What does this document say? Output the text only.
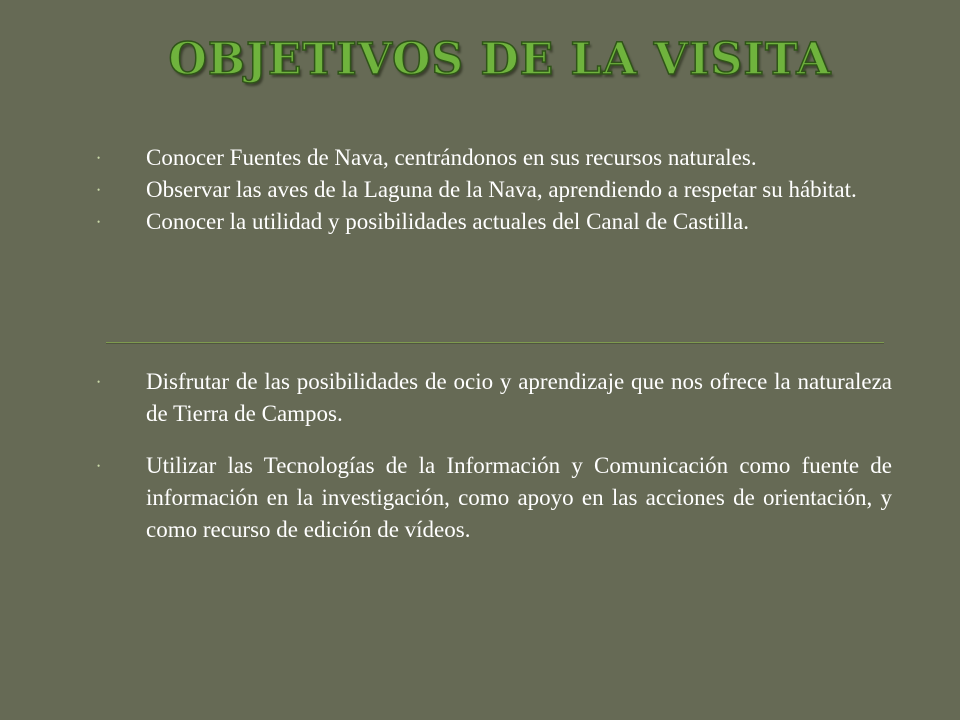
OBJETIVOS DE LA VISITA
•	Conocer Fuentes de Nava, centrándonos en sus recursos naturales.
•	Observar las aves de la Laguna de la Nava, aprendiendo a respetar su hábitat.
•	Conocer la utilidad y posibilidades actuales del Canal de Castilla.
•	Disfrutar de las posibilidades de ocio y aprendizaje que nos ofrece la naturaleza de Tierra de Campos.
•	Utilizar las Tecnologías de la Información y Comunicación como fuente de información en la investigación, como apoyo en las acciones de orientación, y como recurso de edición de vídeos.
